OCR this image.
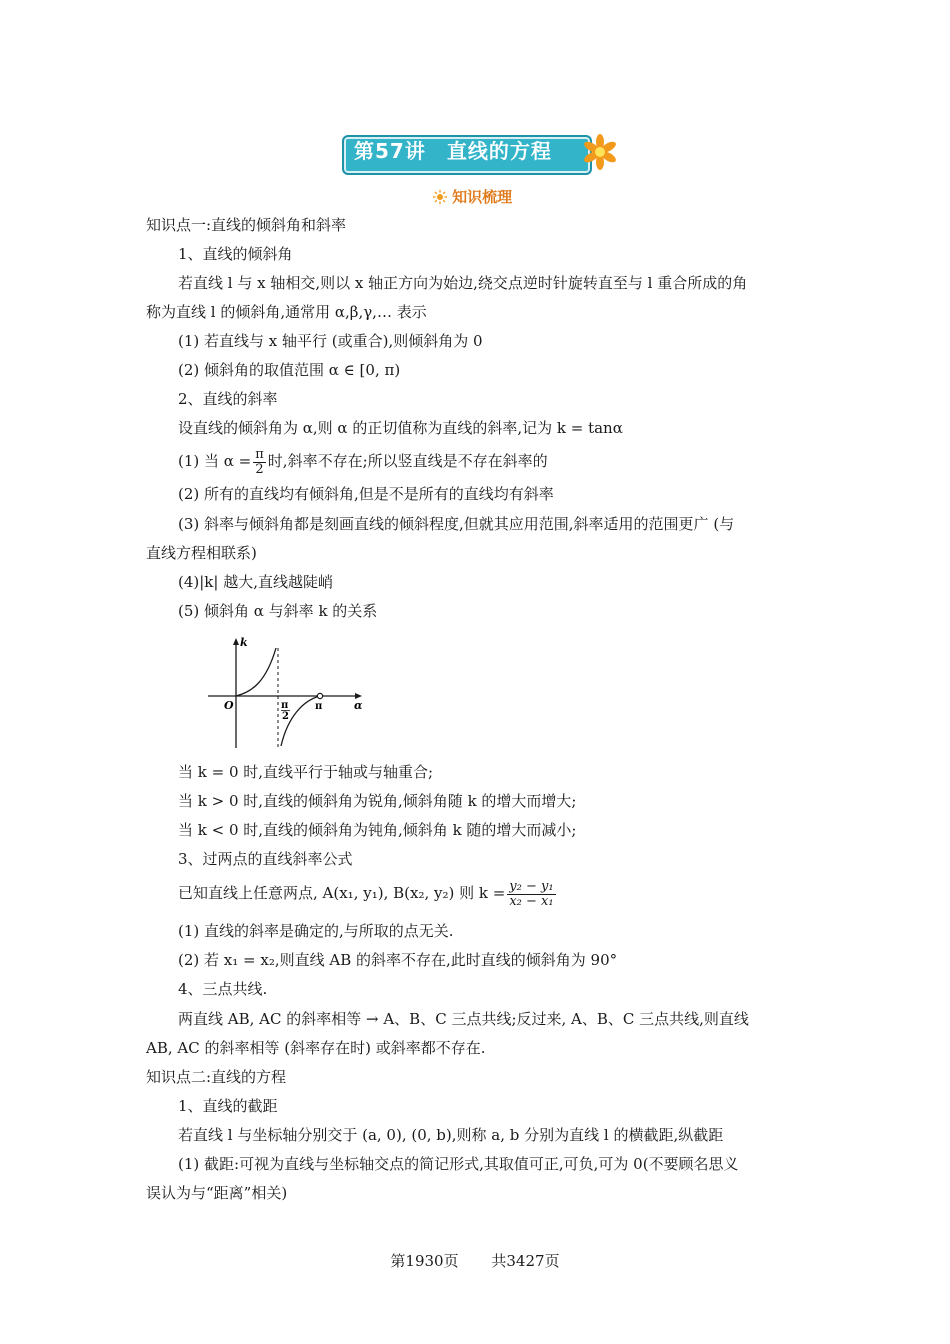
第57讲　直线的方程
知识梳理
知识点一:直线的倾斜角和斜率
1、直线的倾斜角
若直线 l 与 x 轴相交,则以 x 轴正方向为始边,绕交点逆时针旋转直至与 l 重合所成的角
称为直线 l 的倾斜角,通常用 α,β,γ,… 表示
(1) 若直线与 x 轴平行 (或重合),则倾斜角为 0
(2) 倾斜角的取值范围 α ∈ [0, π)
2、直线的斜率
设直线的倾斜角为 α,则 α 的正切值称为直线的斜率,记为 k = tanα
(1) 当 $\alpha = \frac{\pi}{2}$ 时,斜率不存在;所以竖直线是不存在斜率的
(2) 所有的直线均有倾斜角,但是不是所有的直线均有斜率
(3) 斜率与倾斜角都是刻画直线的倾斜程度,但就其应用范围,斜率适用的范围更广 (与
直线方程相联系)
(4)|k| 越大,直线越陡峭
(5) 倾斜角 α 与斜率 k 的关系
k
α
O	π
2
π
当 k = 0 时,直线平行于轴或与轴重合;
当 k > 0 时,直线的倾斜角为锐角,倾斜角随 k 的增大而增大;
当 k < 0 时,直线的倾斜角为钝角,倾斜角 k 随的增大而减小;
3、过两点的直线斜率公式
已知直线上任意两点, A(x₁, y₁), B(x₂, y₂) 则 $k = \frac{\text{y₂ − y₁}}{\text{x₂ − x₁}}$
(1) 直线的斜率是确定的,与所取的点无关.
(2) 若 x₁ = x₂,则直线 AB 的斜率不存在,此时直线的倾斜角为 90°
4、三点共线.
两直线 AB, AC 的斜率相等 → A、B、C 三点共线;反过来, A、B、C 三点共线,则直线
AB, AC 的斜率相等 (斜率存在时) 或斜率都不存在.
知识点二:直线的方程
1、直线的截距
若直线 l 与坐标轴分别交于 (a, 0), (0, b),则称 a, b 分别为直线 l 的横截距,纵截距
(1) 截距:可视为直线与坐标轴交点的简记形式,其取值可正,可负,可为 0(不要顾名思义
误认为与“距离”相关)
第1930页 共3427页
